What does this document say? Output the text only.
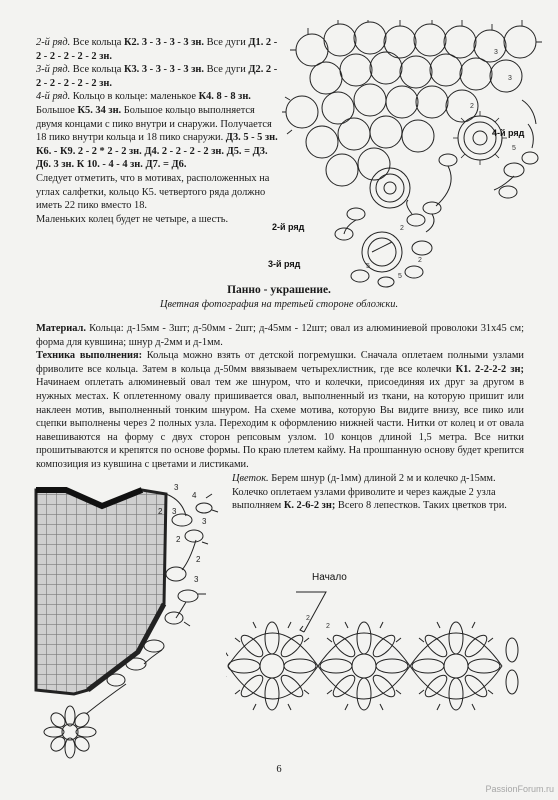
2-й ряд. Все кольца К2. 3 - 3 - 3 - 3 зн. Все дуги Д1. 2 - 2 - 2 - 2 - 2 - 2 зн.

3-й ряд. Все кольца К3. 3 - 3 - 3 - 3 зн. Все дуги Д2. 2 - 2 - 2 - 2 - 2 - 2 зн.

4-й ряд. Кольцо в кольце: маленькое К4. 8 - 8 зн. Большое К5. 34 зн. Большое кольцо выполняется двумя концами с пико внутри и снаружи. Получается 18 пико внутри кольца и 18 пико снаружи. Д3. 5 - 5 зн. К6. - К9. 2 - 2 * 2 - 2 зн. Д4. 2 - 2 - 2 - 2 зн. Д5. = Д3. Д6. 3 зн. К 10. - 4 - 4 зн. Д7. = Д6.

Следует отметить, что в мотивах, расположенных на углах салфетки, кольцо К5. четвертого ряда должно иметь 22 пико вместо 18.

Маленьких колец будет не четыре, а шесть.

3
3
2
2
5
5
2
5
4-й ряд
2-й ряд
3-й ряд
Панно - украшение.
Цветная фотография на третьей стороне обложки.

Материал. Кольца: д-15мм - 3шт; д-50мм - 2шт; д-45мм - 12шт; овал из алюминиевой проволоки 31х45 см; форма для кувшина; шнур д-2мм и д-1мм.

Техника выполнения: Кольца можно взять от детской погремушки. Сначала оплетаем полными узлами фриволите все кольца. Затем в кольца д-50мм ввязываем четырехлистник, где все колечки К1. 2-2-2-2 зн; Начинаем оплетать алюминевый овал тем же шнуром, что и колечки, присоединяя их друг за другом в нужных местах. К оплетенному овалу пришивается овал, выполненный из ткани, на которую пришит или наклеен мотив, выполненный тонким шнуром. На схеме мотива, которую Вы видите внизу, все пико или сцепки выполнены через 2 полных узла. Переходим к оформлению нижней части. Нитки от колец и от овала навешиваются на форму с двух сторон репсовым узлом. 10 концов длиной 1,5 метра. Все нитки прошитываются и крепятся по основе формы. По краю плетем каймy. На прошпанную основу будет крепится композиция из кувшина с цветами и листиками.

Цветок. Берем шнур (д-1мм) длиной 2 м и колечко д-15мм. Колечко оплетаем узлами фриволите и через каждые 2 узла выполняем К. 2-6-2 зн; Всего 8 лепестков. Таких цветков три.

3
4
3
3
2
2
2
3
2
2
Начало
6
PassionForum.ru
